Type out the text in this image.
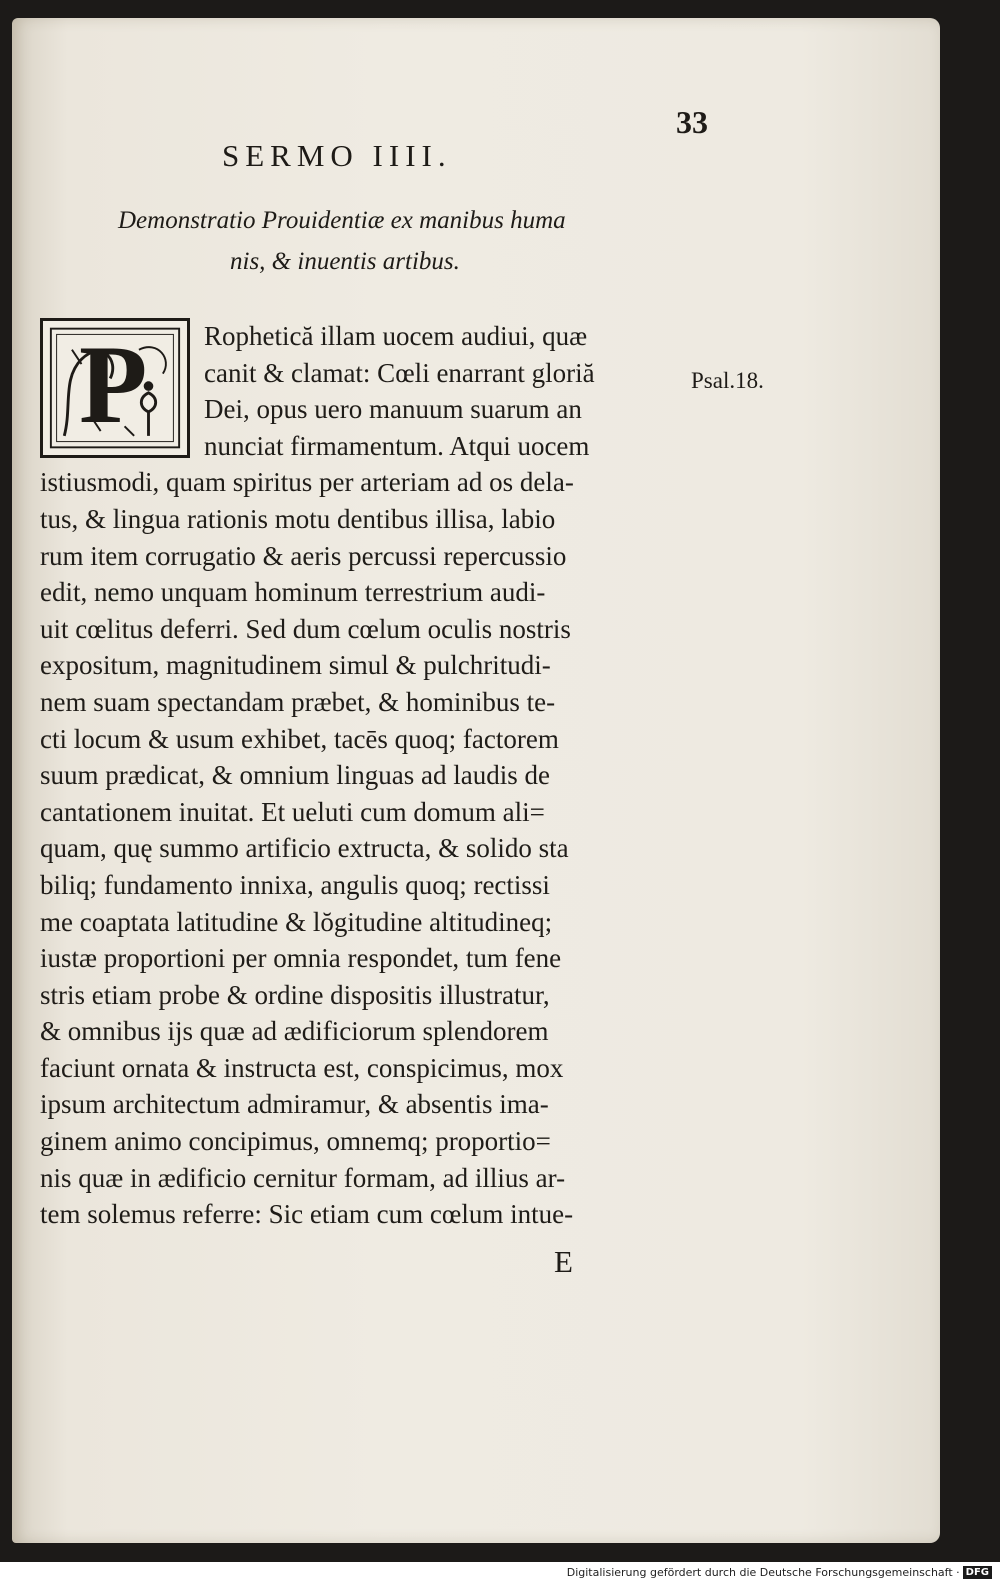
33
SERMO IIII.
Demonstratio Prouidentiæ ex manibus huma
nis, & inuentis artibus.
P	Rophetică illam uocem audiui, quæ
canit & clamat: Cœli enarrant gloriă
Dei, opus uero manuum suarum an
nunciat firmamentum. Atqui uocem
istiusmodi, quam spiritus per arteriam ad os dela-
tus, & lingua rationis motu dentibus illisa, labio
rum item corrugatio & aeris percussi repercussio
edit, nemo unquam hominum terrestrium audi-
uit cœlitus deferri. Sed dum cœlum oculis nostris
expositum, magnitudinem simul & pulchritudi-
nem suam spectandam præbet, & hominibus te-
cti locum & usum exhibet, tacēs quoq; factorem
suum prædicat, & omnium linguas ad laudis de
cantationem inuitat. Et ueluti cum domum ali=
quam, quę summo artificio extructa, & solido sta
biliq; fundamento innixa, angulis quoq; rectissi
me coaptata latitudine & lŏgitudine altitudineq;
iustæ proportioni per omnia respondet, tum fene
stris etiam probe & ordine dispositis illustratur,
& omnibus ijs quæ ad ædificiorum splendorem
faciunt ornata & instructa est, conspicimus, mox
ipsum architectum admiramur, & absentis ima-
ginem animo concipimus, omnemq; proportio=
nis quæ in ædificio cernitur formam, ad illius ar-
tem solemus referre: Sic etiam cum cœlum intue-
Psal.18.
E
Digitalisierung gefördert durch die Deutsche Forschungsgemeinschaft · DFG
